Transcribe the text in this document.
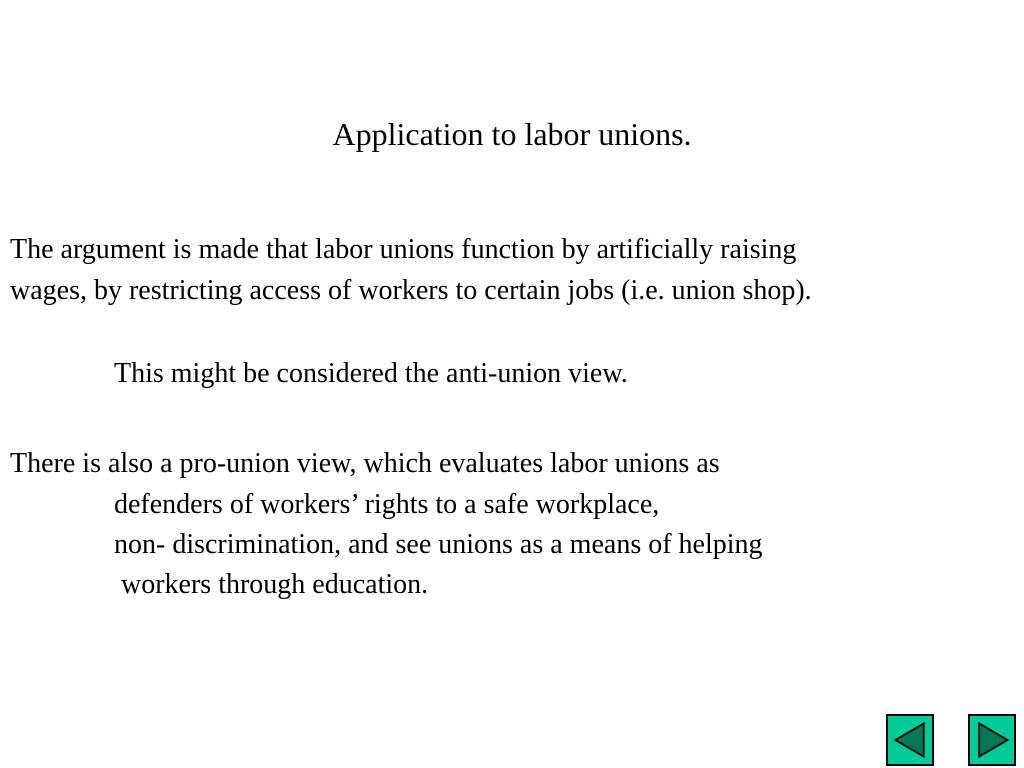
Application to labor unions.
The argument is made that labor unions function by artificially raising
wages, by restricting access of workers to certain jobs (i.e. union shop).
This might be considered the anti-union view.
There is also a pro-union view, which evaluates labor unions as
defenders of workers’ rights to a safe workplace,
non- discrimination, and see unions as a means of helping
workers through education.
